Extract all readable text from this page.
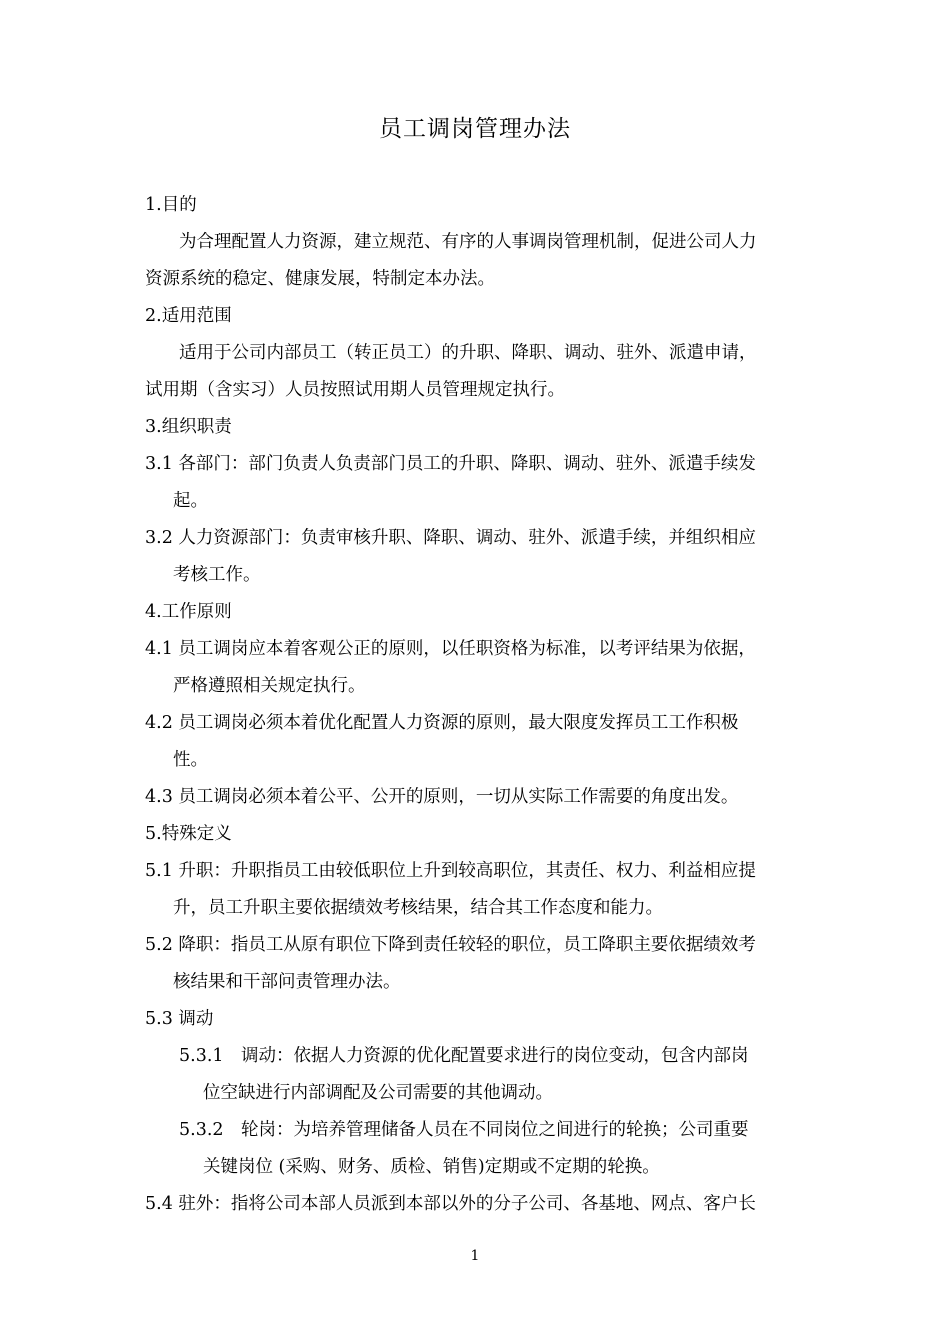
员工调岗管理办法
1.目的
为合理配置人力资源，建立规范、有序的人事调岗管理机制，促进公司人力
资源系统的稳定、健康发展，特制定本办法。
2.适用范围
适用于公司内部员工（转正员工）的升职、降职、调动、驻外、派遣申请，
试用期（含实习）人员按照试用期人员管理规定执行。
3.组织职责
3.1 各部门：部门负责人负责部门员工的升职、降职、调动、驻外、派遣手续发
起。
3.2 人力资源部门：负责审核升职、降职、调动、驻外、派遣手续，并组织相应
考核工作。
4.工作原则
4.1 员工调岗应本着客观公正的原则，以任职资格为标准，以考评结果为依据，
严格遵照相关规定执行。
4.2 员工调岗必须本着优化配置人力资源的原则，最大限度发挥员工工作积极
性。
4.3 员工调岗必须本着公平、公开的原则，一切从实际工作需要的角度出发。
5.特殊定义
5.1 升职：升职指员工由较低职位上升到较高职位，其责任、权力、利益相应提
升，员工升职主要依据绩效考核结果，结合其工作态度和能力。
5.2 降职：指员工从原有职位下降到责任较轻的职位，员工降职主要依据绩效考
核结果和干部问责管理办法。
5.3 调动
5.3.1　调动：依据人力资源的优化配置要求进行的岗位变动，包含内部岗
位空缺进行内部调配及公司需要的其他调动。
5.3.2　轮岗：为培养管理储备人员在不同岗位之间进行的轮换；公司重要
关键岗位 (采购、财务、质检、销售)定期或不定期的轮换。
5.4 驻外：指将公司本部人员派到本部以外的分子公司、各基地、网点、客户长
1
